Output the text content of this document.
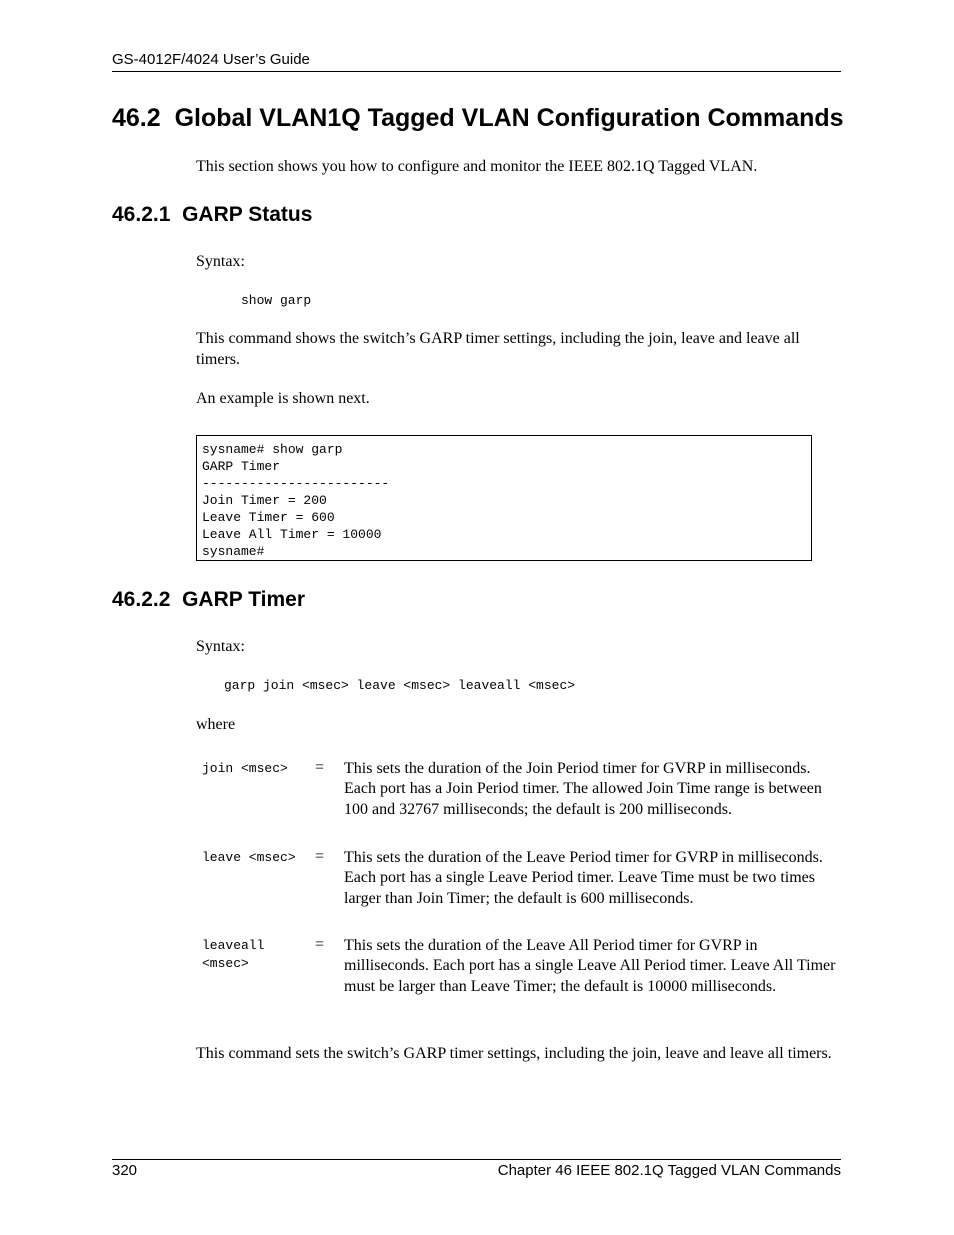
GS-4012F/4024 User’s Guide
46.2 Global VLAN1Q Tagged VLAN Configuration Commands
This section shows you how to configure and monitor the IEEE 802.1Q Tagged VLAN.
46.2.1 GARP Status
Syntax:
show garp
This command shows the switch’s GARP timer settings, including the join, leave and leave all timers.
An example is shown next.
sysname# show garp
GARP Timer
------------------------
Join Timer = 200
Leave Timer = 600
Leave All Timer = 10000
sysname#
46.2.2 GARP Timer
Syntax:
garp join <msec> leave <msec> leaveall <msec>
where
join <msec> = This sets the duration of the Join Period timer for GVRP in milliseconds. Each port has a Join Period timer. The allowed Join Time range is between 100 and 32767 milliseconds; the default is 200 milliseconds.
leave <msec> = This sets the duration of the Leave Period timer for GVRP in milliseconds. Each port has a single Leave Period timer. Leave Time must be two times larger than Join Timer; the default is 600 milliseconds.
leaveall
<msec>
= This sets the duration of the Leave All Period timer for GVRP in milliseconds. Each port has a single Leave All Period timer. Leave All Timer must be larger than Leave Timer; the default is 10000 milliseconds.
This command sets the switch’s GARP timer settings, including the join, leave and leave all timers.
320	Chapter 46 IEEE 802.1Q Tagged VLAN Commands
